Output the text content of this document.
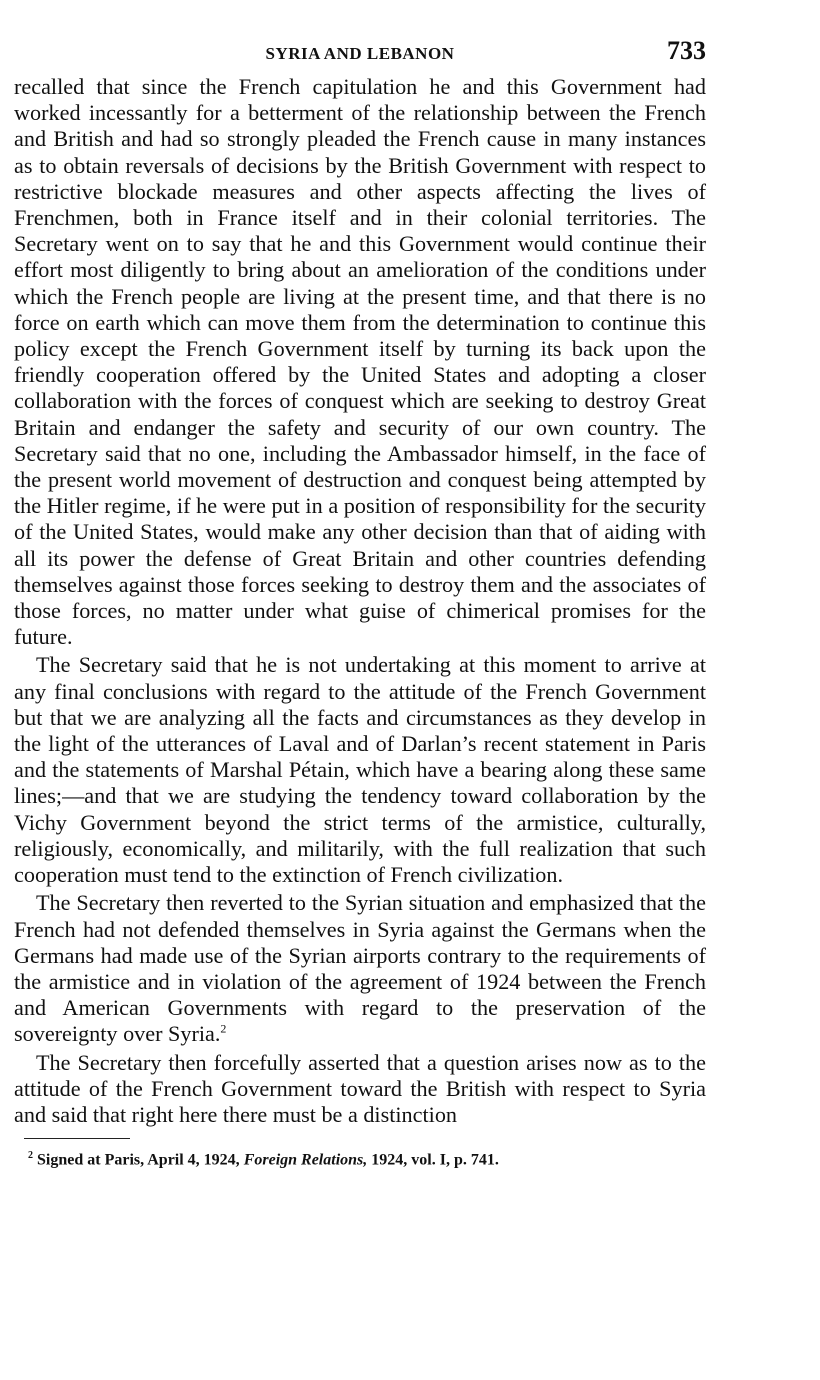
SYRIA AND LEBANON	733

recalled that since the French capitulation he and this Government had worked incessantly for a betterment of the relationship between the French and British and had so strongly pleaded the French cause in many instances as to obtain reversals of decisions by the British Government with respect to restrictive blockade measures and other aspects affecting the lives of Frenchmen, both in France itself and in their colonial territories. The Secretary went on to say that he and this Government would continue their effort most diligently to bring about an amelioration of the conditions under which the French people are living at the present time, and that there is no force on earth which can move them from the determination to continue this policy except the French Government itself by turning its back upon the friendly cooperation offered by the United States and adopting a closer collaboration with the forces of conquest which are seeking to destroy Great Britain and endanger the safety and security of our own country. The Secretary said that no one, including the Ambassador himself, in the face of the present world movement of destruction and conquest being attempted by the Hitler regime, if he were put in a position of responsibility for the security of the United States, would make any other decision than that of aiding with all its power the defense of Great Britain and other countries defending themselves against those forces seeking to destroy them and the associates of those forces, no matter under what guise of chimerical promises for the future.

The Secretary said that he is not undertaking at this moment to arrive at any final conclusions with regard to the attitude of the French Government but that we are analyzing all the facts and circumstances as they develop in the light of the utterances of Laval and of Darlan’s recent statement in Paris and the statements of Marshal Pétain, which have a bearing along these same lines;—and that we are studying the tendency toward collaboration by the Vichy Government beyond the strict terms of the armistice, culturally, religiously, economically, and militarily, with the full realization that such cooperation must tend to the extinction of French civilization.

The Secretary then reverted to the Syrian situation and emphasized that the French had not defended themselves in Syria against the Germans when the Germans had made use of the Syrian airports contrary to the requirements of the armistice and in violation of the agreement of 1924 between the French and American Governments with regard to the preservation of the sovereignty over Syria.$^2$

The Secretary then forcefully asserted that a question arises now as to the attitude of the French Government toward the British with respect to Syria and said that right here there must be a distinction

$^2$ Signed at Paris, April 4, 1924, Foreign Relations, 1924, vol. I, p. 741.
